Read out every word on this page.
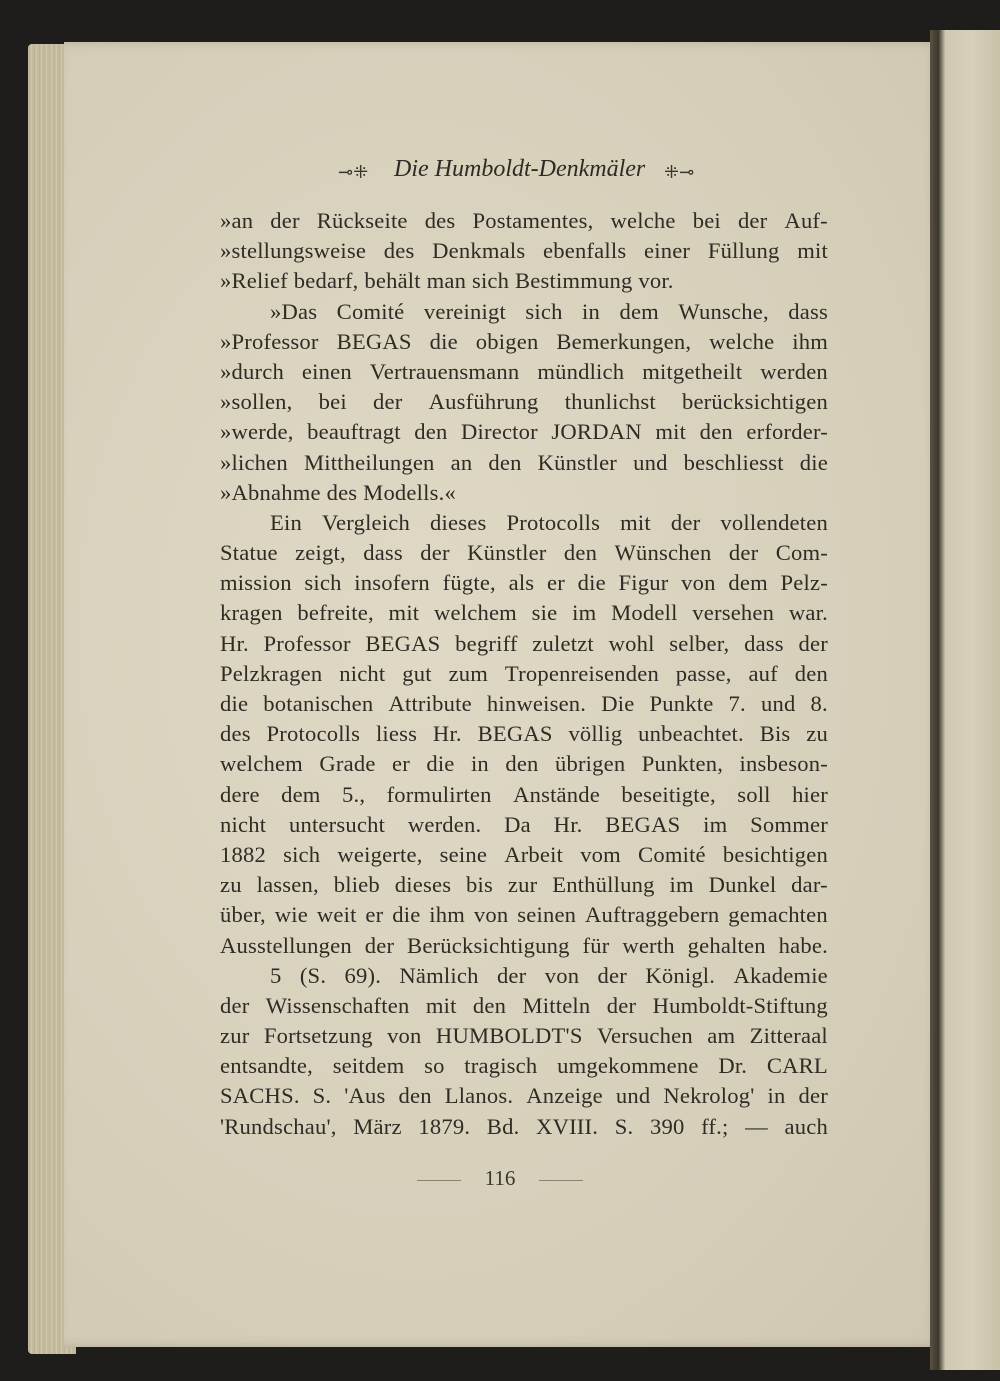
⊸⁜ Die Humboldt-Denkmäler ⁜⊸
»an der Rückseite des Postamentes, welche bei der Auf-
»stellungsweise des Denkmals ebenfalls einer Füllung mit
»Relief bedarf, behält man sich Bestimmung vor.
»Das Comité vereinigt sich in dem Wunsche, dass
»Professor BEGAS die obigen Bemerkungen, welche ihm
»durch einen Vertrauensmann mündlich mitgetheilt werden
»sollen, bei der Ausführung thunlichst berücksichtigen
»werde, beauftragt den Director JORDAN mit den erforder-
»lichen Mittheilungen an den Künstler und beschliesst die
»Abnahme des Modells.«
Ein Vergleich dieses Protocolls mit der vollendeten
Statue zeigt, dass der Künstler den Wünschen der Com-
mission sich insofern fügte, als er die Figur von dem Pelz-
kragen befreite, mit welchem sie im Modell versehen war.
Hr. Professor BEGAS begriff zuletzt wohl selber, dass der
Pelzkragen nicht gut zum Tropenreisenden passe, auf den
die botanischen Attribute hinweisen. Die Punkte 7. und 8.
des Protocolls liess Hr. BEGAS völlig unbeachtet. Bis zu
welchem Grade er die in den übrigen Punkten, insbeson-
dere dem 5., formulirten Anstände beseitigte, soll hier
nicht untersucht werden. Da Hr. BEGAS im Sommer
1882 sich weigerte, seine Arbeit vom Comité besichtigen
zu lassen, blieb dieses bis zur Enthüllung im Dunkel dar-
über, wie weit er die ihm von seinen Auftraggebern gemachten
Ausstellungen der Berücksichtigung für werth gehalten habe.
5 (S. 69). Nämlich der von der Königl. Akademie
der Wissenschaften mit den Mitteln der Humboldt-Stiftung
zur Fortsetzung von HUMBOLDT'S Versuchen am Zitteraal
entsandte, seitdem so tragisch umgekommene Dr. CARL
SACHS. S. 'Aus den Llanos. Anzeige und Nekrolog' in der
'Rundschau', März 1879. Bd. XVIII. S. 390 ff.; — auch
116
